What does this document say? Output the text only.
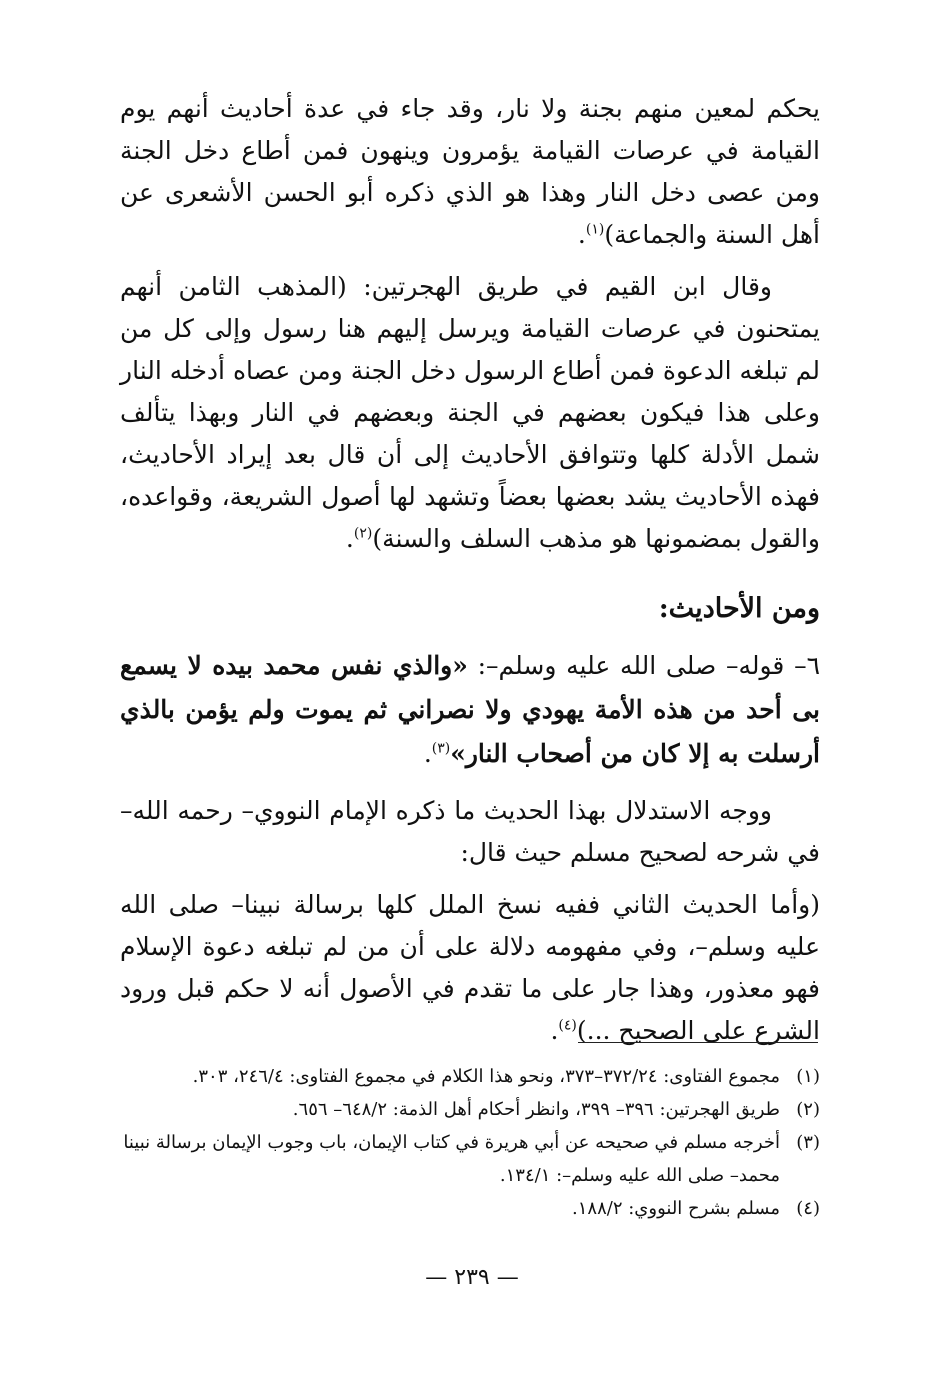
يحكم لمعين منهم بجنة ولا نار، وقد جاء في عدة أحاديث أنهم يوم القيامة في عرصات القيامة يؤمرون وينهون فمن أطاع دخل الجنة ومن عصى دخل النار وهذا هو الذي ذكره أبو الحسن الأشعرى عن أهل السنة والجماعة)$^{(١)}$.

وقال ابن القيم في طريق الهجرتين: (المذهب الثامن أنهم يمتحنون في عرصات القيامة ويرسل إليهم هنا رسول وإلى كل من لم تبلغه الدعوة فمن أطاع الرسول دخل الجنة ومن عصاه أدخله النار وعلى هذا فيكون بعضهم في الجنة وبعضهم في النار وبهذا يتألف شمل الأدلة كلها وتتوافق الأحاديث إلى أن قال بعد إيراد الأحاديث، فهذه الأحاديث يشد بعضها بعضاً وتشهد لها أصول الشريعة، وقواعده، والقول بمضمونها هو مذهب السلف والسنة)$^{(٢)}$.

ومن الأحاديث:

٦– قوله– صلى الله عليه وسلم–: «والذي نفس محمد بيده لا يسمع بى أحد من هذه الأمة يهودي ولا نصراني ثم يموت ولم يؤمن بالذي أرسلت به إلا كان من أصحاب النار»$^{(٣)}$.

ووجه الاستدلال بهذا الحديث ما ذكره الإمام النووي– رحمه الله– في شرحه لصحيح مسلم حيث قال:

(وأما الحديث الثاني ففيه نسخ الملل كلها برسالة نبينا– صلى الله عليه وسلم–، وفي مفهومه دلالة على أن من لم تبلغه دعوة الإسلام فهو معذور، وهذا جار على ما تقدم في الأصول أنه لا حكم قبل ورود الشرع على الصحيح ...)$^{(٤)}$.

(١)
مجموع الفتاوى: ٣٧٢/٢٤–٣٧٣، ونحو هذا الكلام في مجموع الفتاوى: ٢٤٦/٤، ٣٠٣.

(٢)
طريق الهجرتين: ٣٩٦– ٣٩٩، وانظر أحكام أهل الذمة: ٦٤٨/٢– ٦٥٦.

(٣)
أخرجه مسلم في صحيحه عن أبي هريرة في كتاب الإيمان، باب وجوب الإيمان برسالة نبينا محمد– صلى الله عليه وسلم–: ١٣٤/١.

(٤)
مسلم بشرح النووي: ١٨٨/٢.

— ٢٣٩ —
